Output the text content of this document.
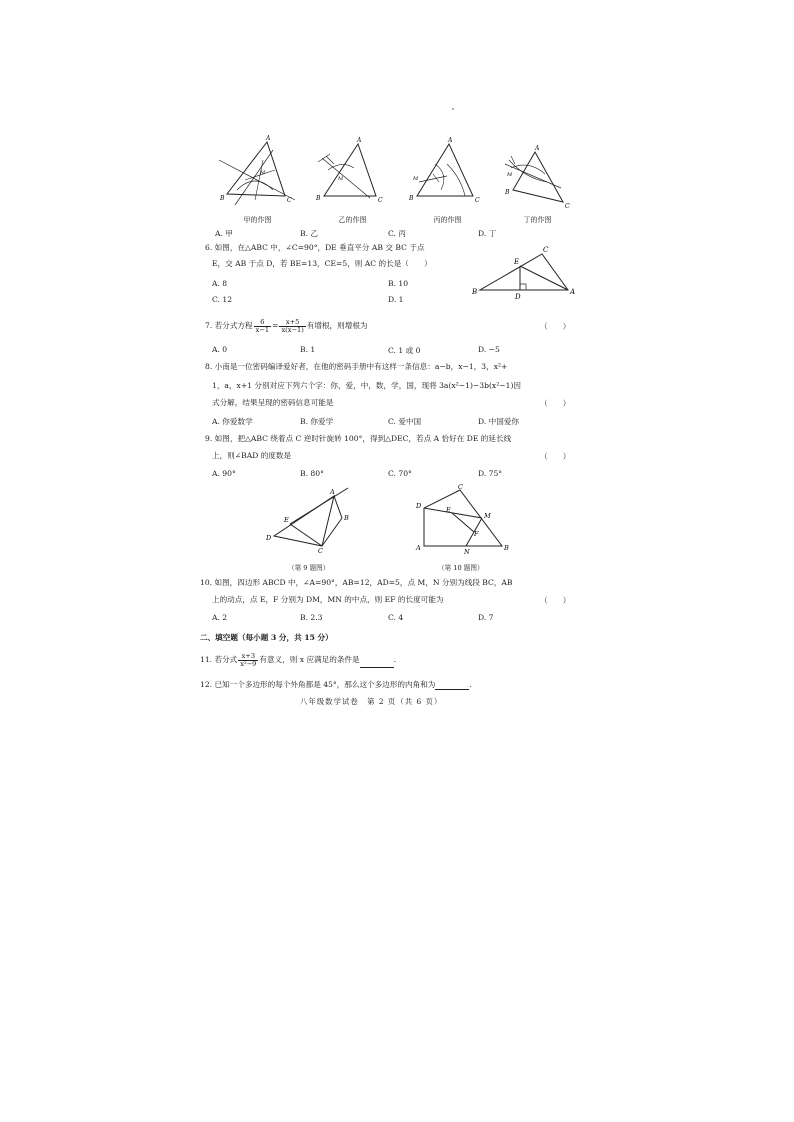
A
B	C
M
甲的作图
A
B	C
M
乙的作图
A
B	C
M
丙的作图
A
B
C
M
丁的作图
A. 甲	B. 乙	C. 丙	D. 丁
6. 如图，在△ABC 中，∠C=90°，DE 垂直平分 AB 交 BC 于点
E，交 AB 于点 D，若 BE=13，CE=5，则 AC 的长是（　　）
A. 8	B. 10
C. 12	D. 1
B
D
A
E
C
7. 若分式方程 $\frac{6}{x-1} = \frac{x+5}{x(x-1)}$ 有增根，则增根为	（　　）
A. 0	B. 1	C. 1 或 0	D. −5
8. 小南是一位密码编译爱好者，在他的密码手册中有这样一条信息：a−b，x−1，3，x²+
1，a，x+1 分别对应下列六个字：你，爱，中，数，学，国，现将 3a(x²−1)−3b(x²−1)因
式分解，结果呈现的密码信息可能是	（　　）
A. 你爱数学	B. 你爱学	C. 爱中国	D. 中国爱你
9. 如图，把△ABC 绕着点 C 逆时针旋转 100°，得到△DEC，若点 A 恰好在 DE 的延长线
上，则∠BAD 的度数是	（　　）
A. 90°	B. 80°	C. 70°	D. 75°
A
B
C
D
E
（第 9 题图）
A	B
C
D	E
F
M
N
（第 10 题图）
10. 如图，四边形 ABCD 中，∠A=90°，AB=12，AD=5，点 M，N 分别为线段 BC，AB
上的动点，点 E，F 分别为 DM，MN 的中点，则 EF 的长度可能为	（　　）
A. 2	B. 2.3	C. 4	D. 7
二、填空题（每小题 3 分，共 15 分）
11. 若分式 $\frac{x+3}{\text{x²−9}}$ 有意义，则 x 应满足的条件是	.
12. 已知一个多边形的每个外角都是 45°，那么这个多边形的内角和为	.
八年级数学试卷　第 2 页（共 6 页）
